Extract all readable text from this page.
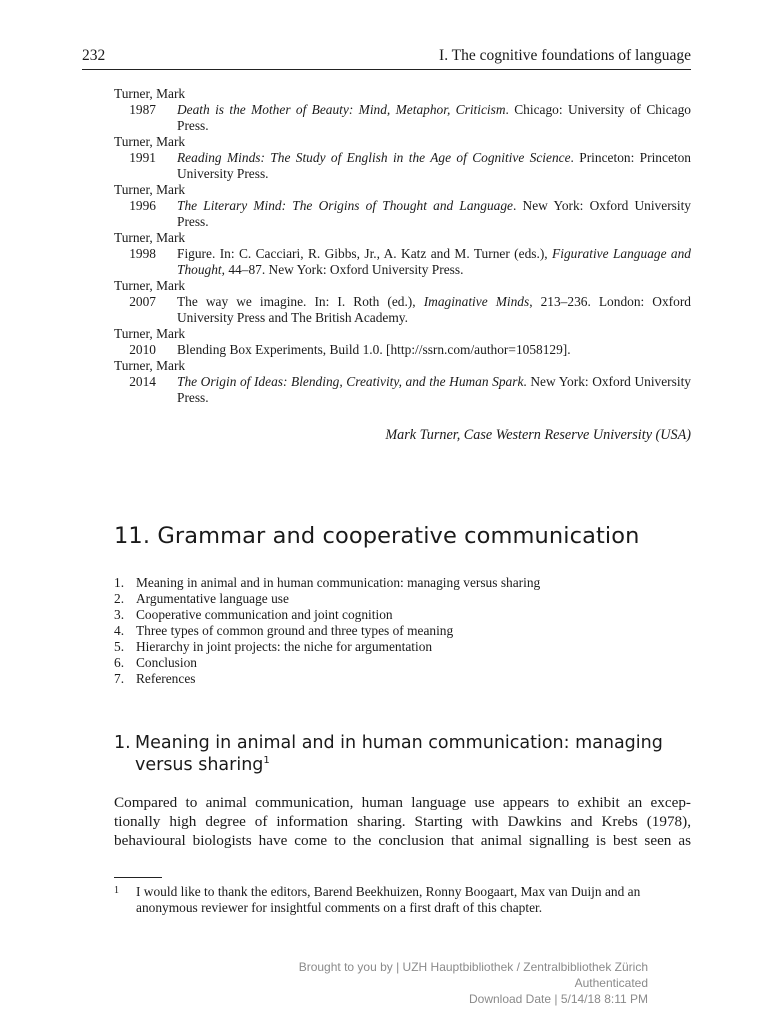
232	I. The cognitive foundations of language

Turner, Mark

1987 Death is the Mother of Beauty: Mind, Metaphor, Criticism. Chicago: University of Chicago Press.

Turner, Mark

1991 Reading Minds: The Study of English in the Age of Cognitive Science. Princeton: Princeton University Press.

Turner, Mark

1996 The Literary Mind: The Origins of Thought and Language. New York: Oxford University Press.

Turner, Mark

1998 Figure. In: C. Cacciari, R. Gibbs, Jr., A. Katz and M. Turner (eds.), Figurative Language and Thought, 44–87. New York: Oxford University Press.

Turner, Mark

2007 The way we imagine. In: I. Roth (ed.), Imaginative Minds, 213–236. London: Oxford University Press and The British Academy.

Turner, Mark

2010 Blending Box Experiments, Build 1.0. [http://ssrn.com/author=1058129].

Turner, Mark

2014 The Origin of Ideas: Blending, Creativity, and the Human Spark. New York: Oxford University Press.
Mark Turner, Case Western Reserve University (USA)
11. Grammar and cooperative communication
1. Meaning in animal and in human communication: managing versus sharing
2. Argumentative language use
3. Cooperative communication and joint cognition
4. Three types of common ground and three types of meaning
5. Hierarchy in joint projects: the niche for argumentation
6. Conclusion
7. References
1. Meaning in animal and in human communication: managing
versus sharing$^1$

Compared to animal communication, human language use appears to exhibit an excep-
tionally high degree of information sharing. Starting with Dawkins and Krebs (1978),
behavioural biologists have come to the conclusion that animal signalling is best seen as

1	I would like to thank the editors, Barend Beekhuizen, Ronny Boogaart, Max van Duijn and an anonymous reviewer for insightful comments on a first draft of this chapter.
Brought to you by | UZH Hauptbibliothek / Zentralbibliothek Zürich
Authenticated
Download Date | 5/14/18 8:11 PM
